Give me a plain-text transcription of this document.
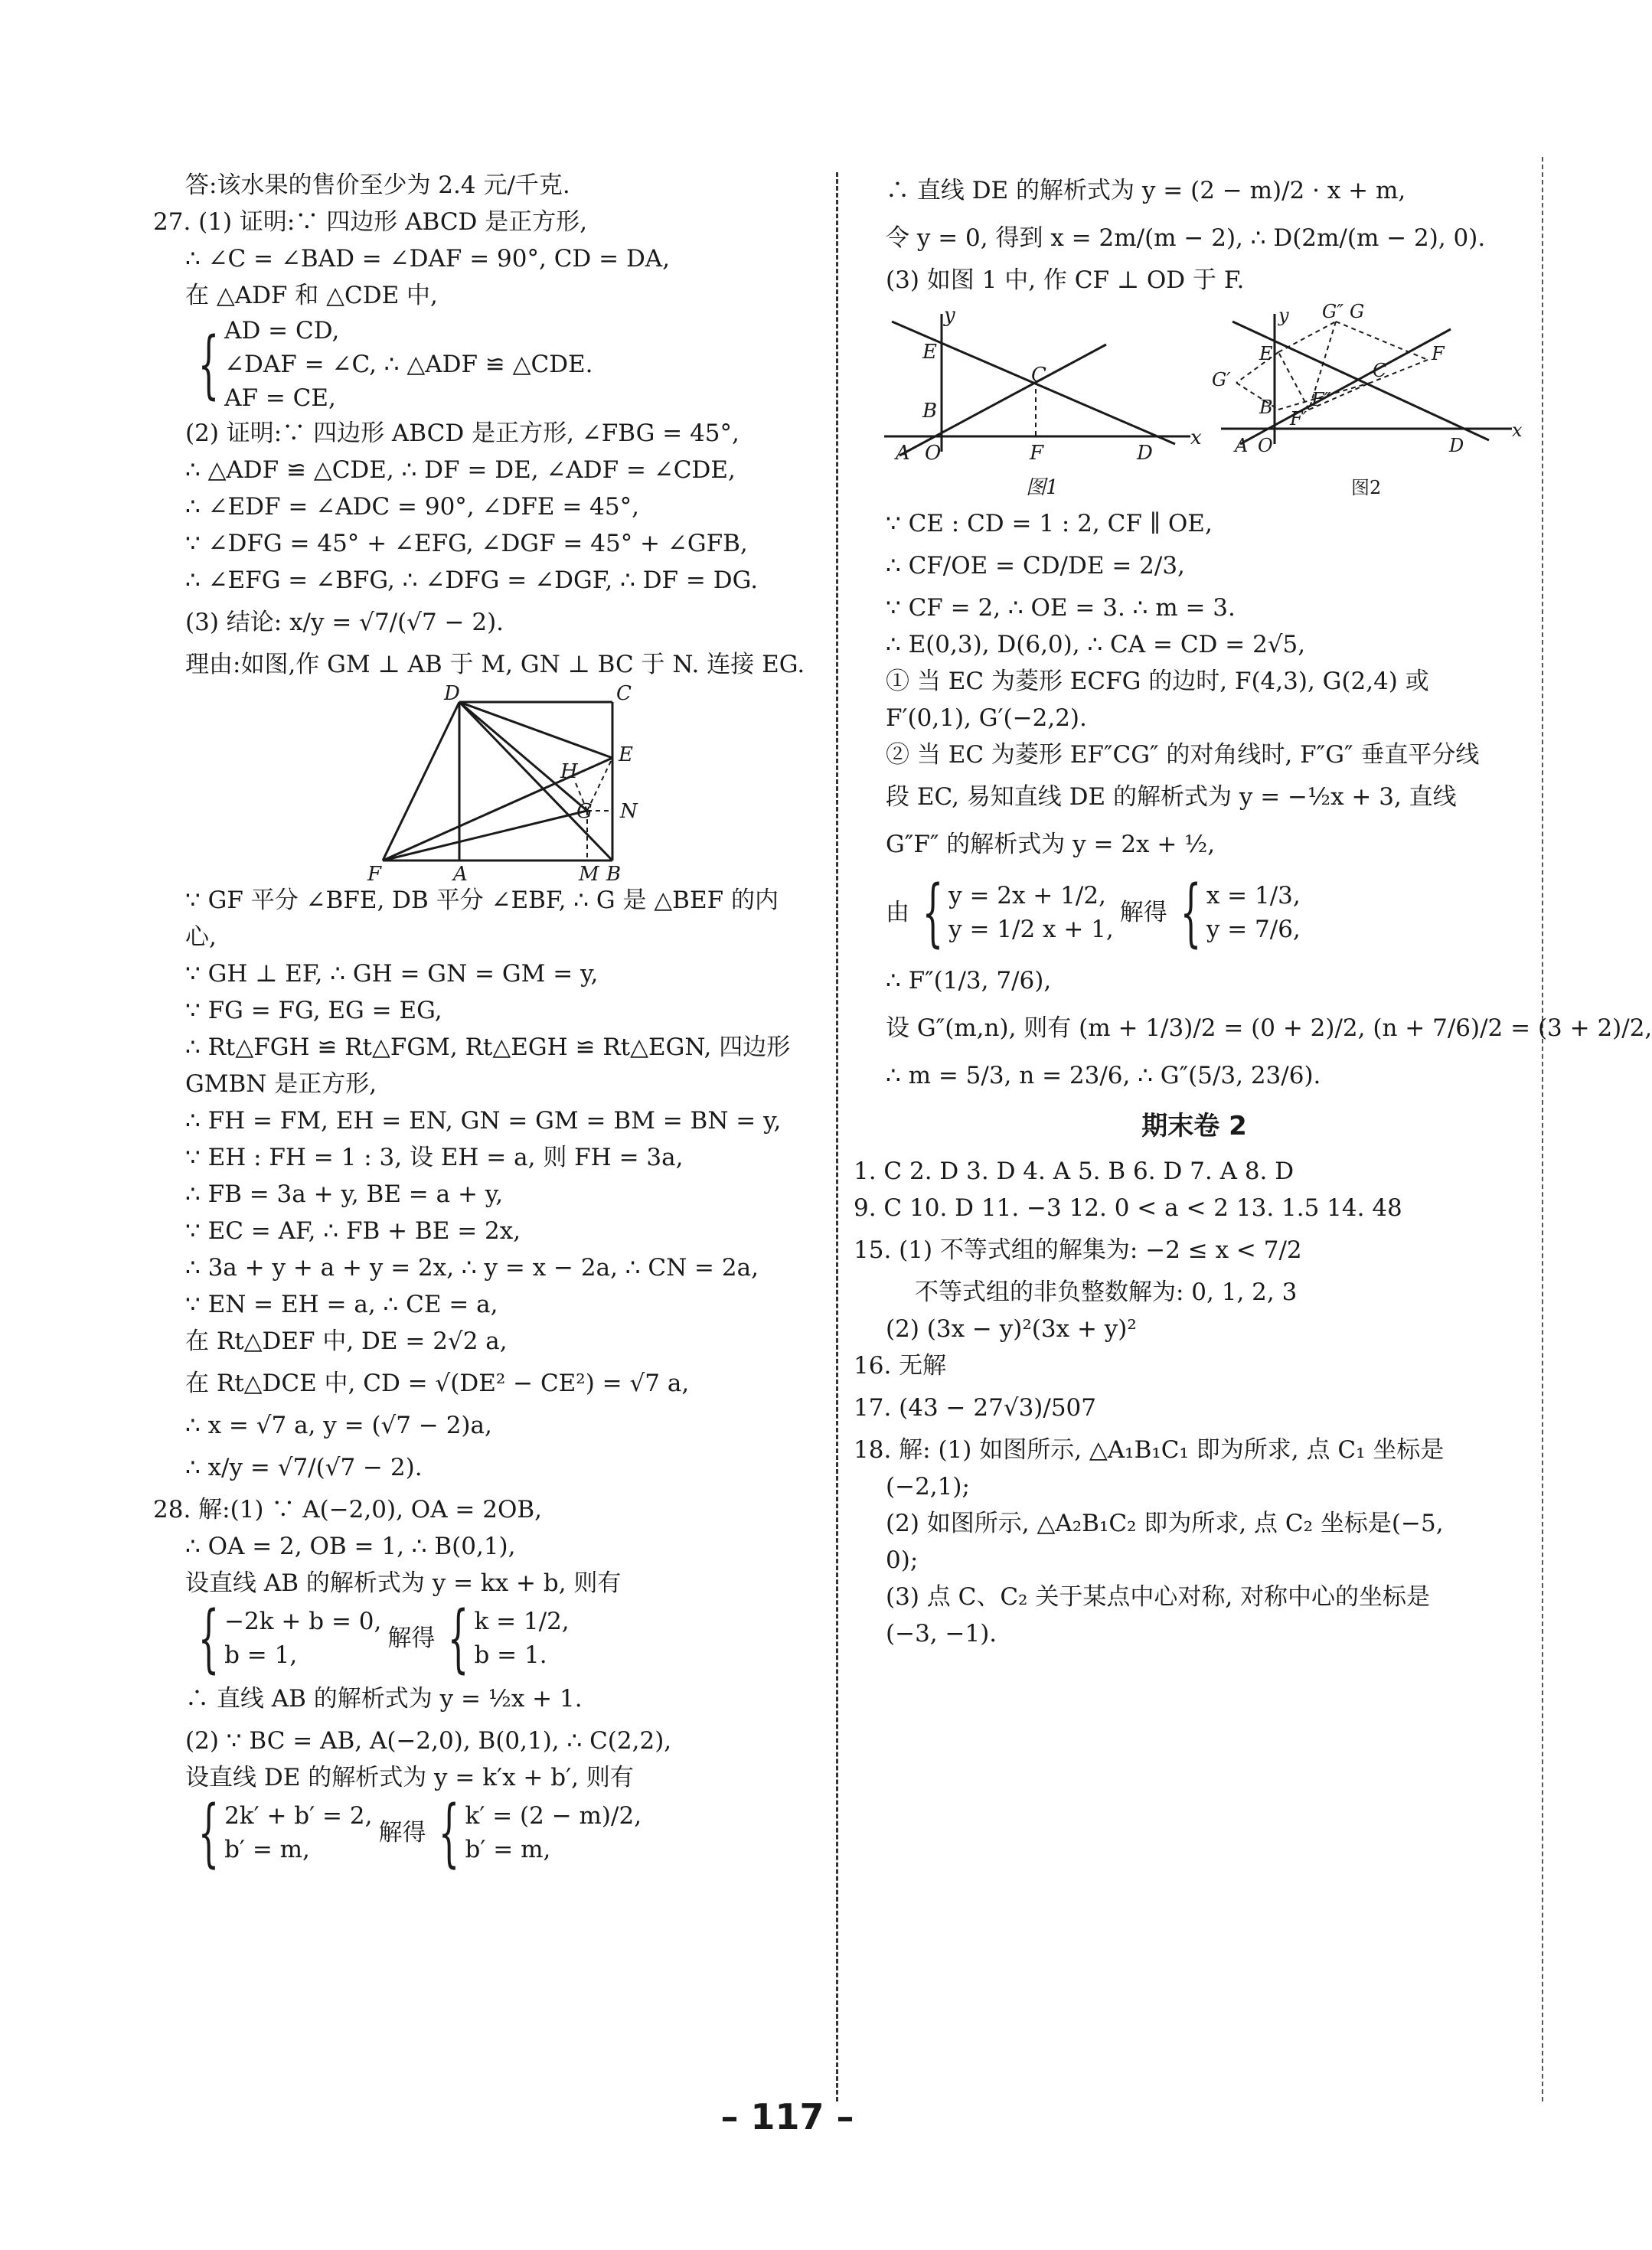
答:该水果的售价至少为 2.4 元/千克.
27. (1) 证明:∵ 四边形 ABCD 是正方形,
∴ ∠C = ∠BAD = ∠DAF = 90°, CD = DA,
在 △ADF 和 △CDE 中,
{ AD = CD,
∠DAF = ∠C, ∴ △ADF ≌ △CDE.
AF = CE,
(2) 证明:∵ 四边形 ABCD 是正方形, ∠FBG = 45°,
∴ △ADF ≌ △CDE, ∴ DF = DE, ∠ADF = ∠CDE,
∴ ∠EDF = ∠ADC = 90°, ∠DFE = 45°,
∵ ∠DFG = 45° + ∠EFG, ∠DGF = 45° + ∠GFB,
∴ ∠EFG = ∠BFG, ∴ ∠DFG = ∠DGF, ∴ DF = DG.
(3) 结论: x/y = √7/(√7 − 2).
理由:如图,作 GM ⊥ AB 于 M, GN ⊥ BC 于 N. 连接 EG.
D	C
H
E
G N
F	A	M B
∵ GF 平分 ∠BFE, DB 平分 ∠EBF, ∴ G 是 △BEF 的内
心,
∵ GH ⊥ EF, ∴ GH = GN = GM = y,
∵ FG = FG, EG = EG,
∴ Rt△FGH ≌ Rt△FGM, Rt△EGH ≌ Rt△EGN, 四边形
GMBN 是正方形,
∴ FH = FM, EH = EN, GN = GM = BM = BN = y,
∵ EH : FH = 1 : 3, 设 EH = a, 则 FH = 3a,
∴ FB = 3a + y, BE = a + y,
∵ EC = AF, ∴ FB + BE = 2x,
∴ 3a + y + a + y = 2x, ∴ y = x − 2a, ∴ CN = 2a,
∵ EN = EH = a, ∴ CE = a,
在 Rt△DEF 中, DE = 2√2 a,
在 Rt△DCE 中, CD = √(DE² − CE²) = √7 a,
∴ x = √7 a, y = (√7 − 2)a,
∴ x/y = √7/(√7 − 2).
28. 解:(1) ∵ A(−2,0), OA = 2OB,
∴ OA = 2, OB = 1, ∴ B(0,1),
设直线 AB 的解析式为 y = kx + b, 则有
{ −2k + b = 0,
b = 1,
解得 { k = 1/2,
b = 1.
∴ 直线 AB 的解析式为 y = ½x + 1.
(2) ∵ BC = AB, A(−2,0), B(0,1), ∴ C(2,2),
设直线 DE 的解析式为 y = k′x + b′, 则有
{ 2k′ + b′ = 2,
b′ = m,
解得 { k′ = (2 − m)/2,
b′ = m,
∴ 直线 DE 的解析式为 y = (2 − m)/2 · x + m,
令 y = 0, 得到 x = 2m/(m − 2), ∴ D(2m/(m − 2), 0).
(3) 如图 1 中, 作 CF ⊥ OD 于 F.
y
E
C
B
A O	F	D
x
图1
y G″ G
E
G′	C
F
B F″
F′
A O	D
x
图2
∵ CE : CD = 1 : 2, CF ∥ OE,
∴ CF/OE = CD/DE = 2/3,
∵ CF = 2, ∴ OE = 3. ∴ m = 3.
∴ E(0,3), D(6,0), ∴ CA = CD = 2√5,
① 当 EC 为菱形 ECFG 的边时, F(4,3), G(2,4) 或
F′(0,1), G′(−2,2).
② 当 EC 为菱形 EF″CG″ 的对角线时, F″G″ 垂直平分线
段 EC, 易知直线 DE 的解析式为 y = −½x + 3, 直线
G″F″ 的解析式为 y = 2x + ½,
由 { y = 2x + 1/2,
y = 1/2 x + 1,
解得 { x = 1/3,
y = 7/6,
∴ F″(1/3, 7/6),
设 G″(m,n), 则有 (m + 1/3)/2 = (0 + 2)/2, (n + 7/6)/2 = (3 + 2)/2,
∴ m = 5/3, n = 23/6, ∴ G″(5/3, 23/6).
期末卷 2
1. C 2. D 3. D 4. A 5. B 6. D 7. A 8. D
9. C 10. D 11. −3 12. 0 < a < 2 13. 1.5 14. 48
15. (1) 不等式组的解集为: −2 ≤ x < 7/2
不等式组的非负整数解为: 0, 1, 2, 3
(2) (3x − y)²(3x + y)²
16. 无解
17. (43 − 27√3)/507
18. 解: (1) 如图所示, △A₁B₁C₁ 即为所求, 点 C₁ 坐标是
(−2,1);
(2) 如图所示, △A₂B₁C₂ 即为所求, 点 C₂ 坐标是(−5,
0);
(3) 点 C、C₂ 关于某点中心对称, 对称中心的坐标是
(−3, −1).
– 117 –
